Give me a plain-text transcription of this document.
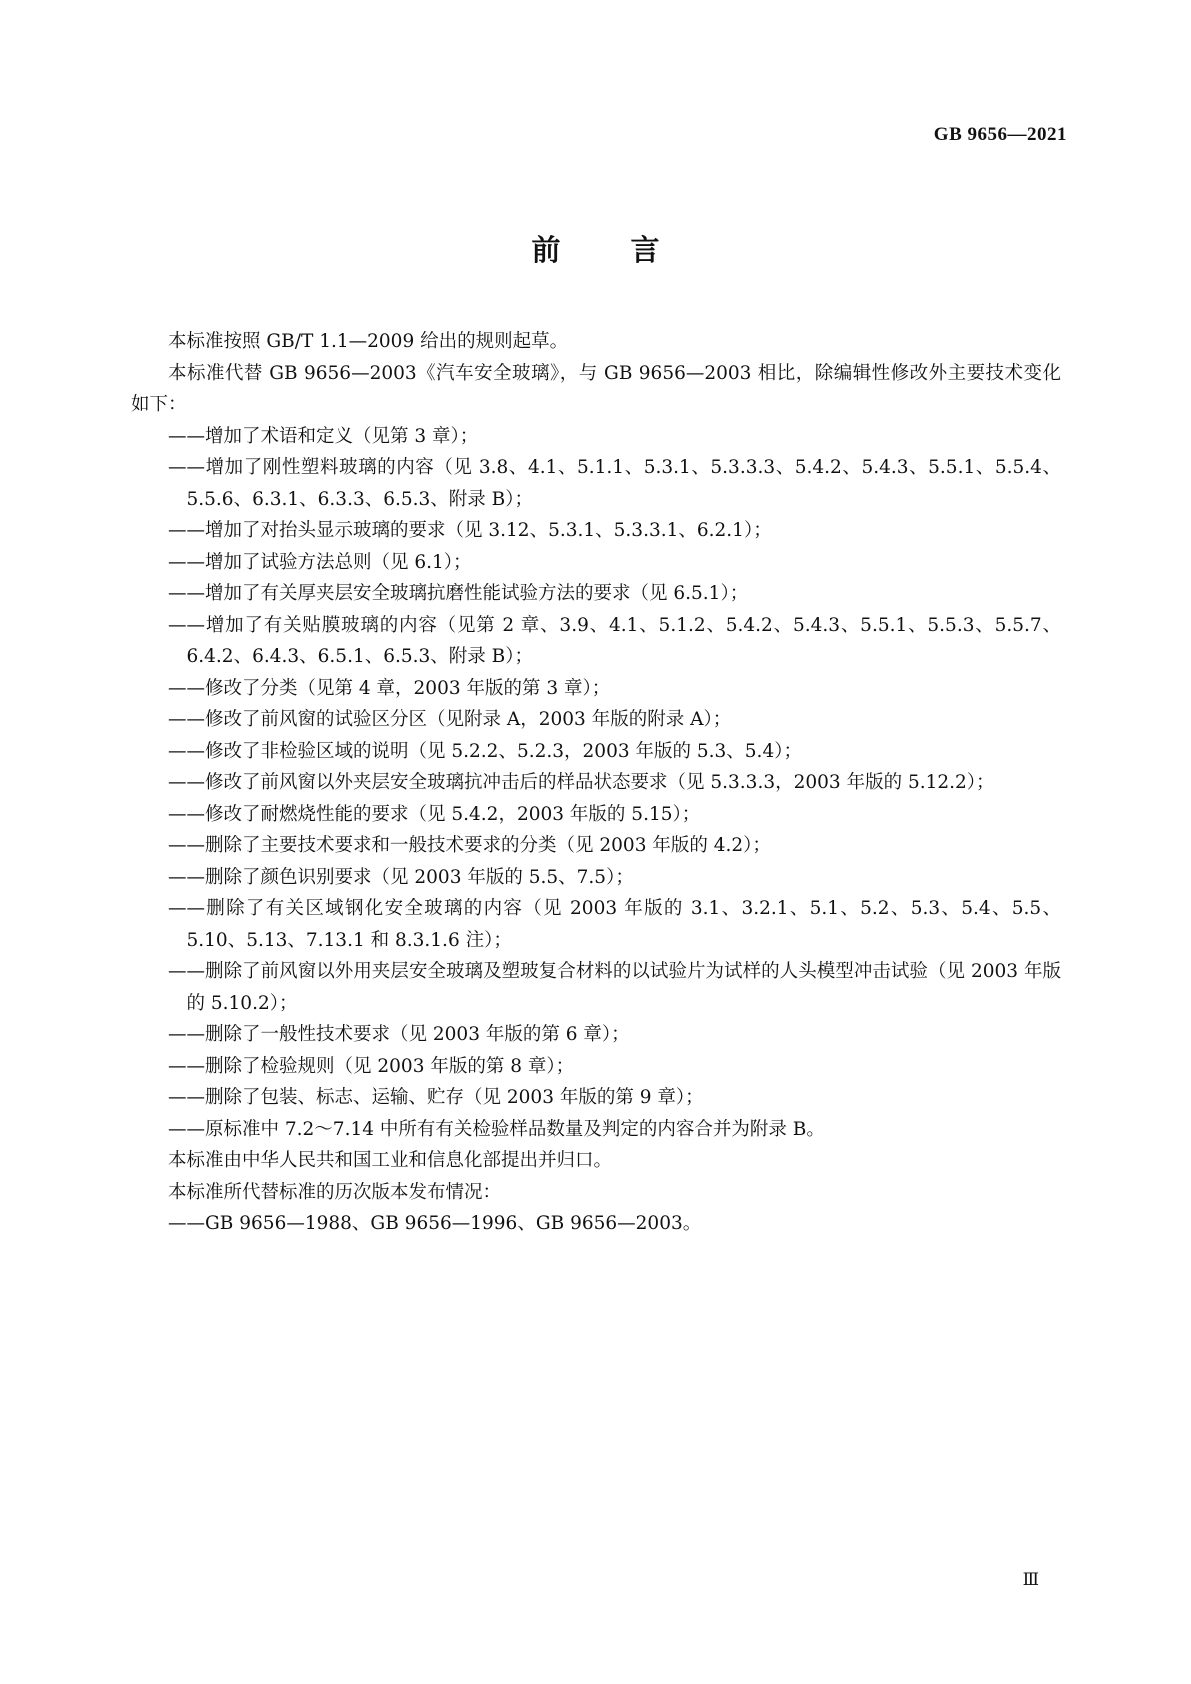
GB 9656—2021
前 言

本标准按照 GB/T 1.1—2009 给出的规则起草。

本标准代替 GB 9656—2003《汽车安全玻璃》，与 GB 9656—2003 相比，除编辑性修改外主要技术变化如下：

——增加了术语和定义（见第 3 章）；

——增加了刚性塑料玻璃的内容（见 3.8、4.1、5.1.1、5.3.1、5.3.3.3、5.4.2、5.4.3、5.5.1、5.5.4、5.5.6、6.3.1、6.3.3、6.5.3、附录 B）；

——增加了对抬头显示玻璃的要求（见 3.12、5.3.1、5.3.3.1、6.2.1）；

——增加了试验方法总则（见 6.1）；

——增加了有关厚夹层安全玻璃抗磨性能试验方法的要求（见 6.5.1）；

——增加了有关贴膜玻璃的内容（见第 2 章、3.9、4.1、5.1.2、5.4.2、5.4.3、5.5.1、5.5.3、5.5.7、6.4.2、6.4.3、6.5.1、6.5.3、附录 B）；

——修改了分类（见第 4 章，2003 年版的第 3 章）；

——修改了前风窗的试验区分区（见附录 A，2003 年版的附录 A）；

——修改了非检验区域的说明（见 5.2.2、5.2.3，2003 年版的 5.3、5.4）；

——修改了前风窗以外夹层安全玻璃抗冲击后的样品状态要求（见 5.3.3.3，2003 年版的 5.12.2）；

——修改了耐燃烧性能的要求（见 5.4.2，2003 年版的 5.15）；

——删除了主要技术要求和一般技术要求的分类（见 2003 年版的 4.2）；

——删除了颜色识别要求（见 2003 年版的 5.5、7.5）；

——删除了有关区域钢化安全玻璃的内容（见 2003 年版的 3.1、3.2.1、5.1、5.2、5.3、5.4、5.5、5.10、5.13、7.13.1 和 8.3.1.6 注）；

——删除了前风窗以外用夹层安全玻璃及塑玻复合材料的以试验片为试样的人头模型冲击试验（见 2003 年版的 5.10.2）；

——删除了一般性技术要求（见 2003 年版的第 6 章）；

——删除了检验规则（见 2003 年版的第 8 章）；

——删除了包装、标志、运输、贮存（见 2003 年版的第 9 章）；

——原标准中 7.2～7.14 中所有有关检验样品数量及判定的内容合并为附录 B。

本标准由中华人民共和国工业和信息化部提出并归口。

本标准所代替标准的历次版本发布情况：

——GB 9656—1988、GB 9656—1996、GB 9656—2003。

Ⅲ
